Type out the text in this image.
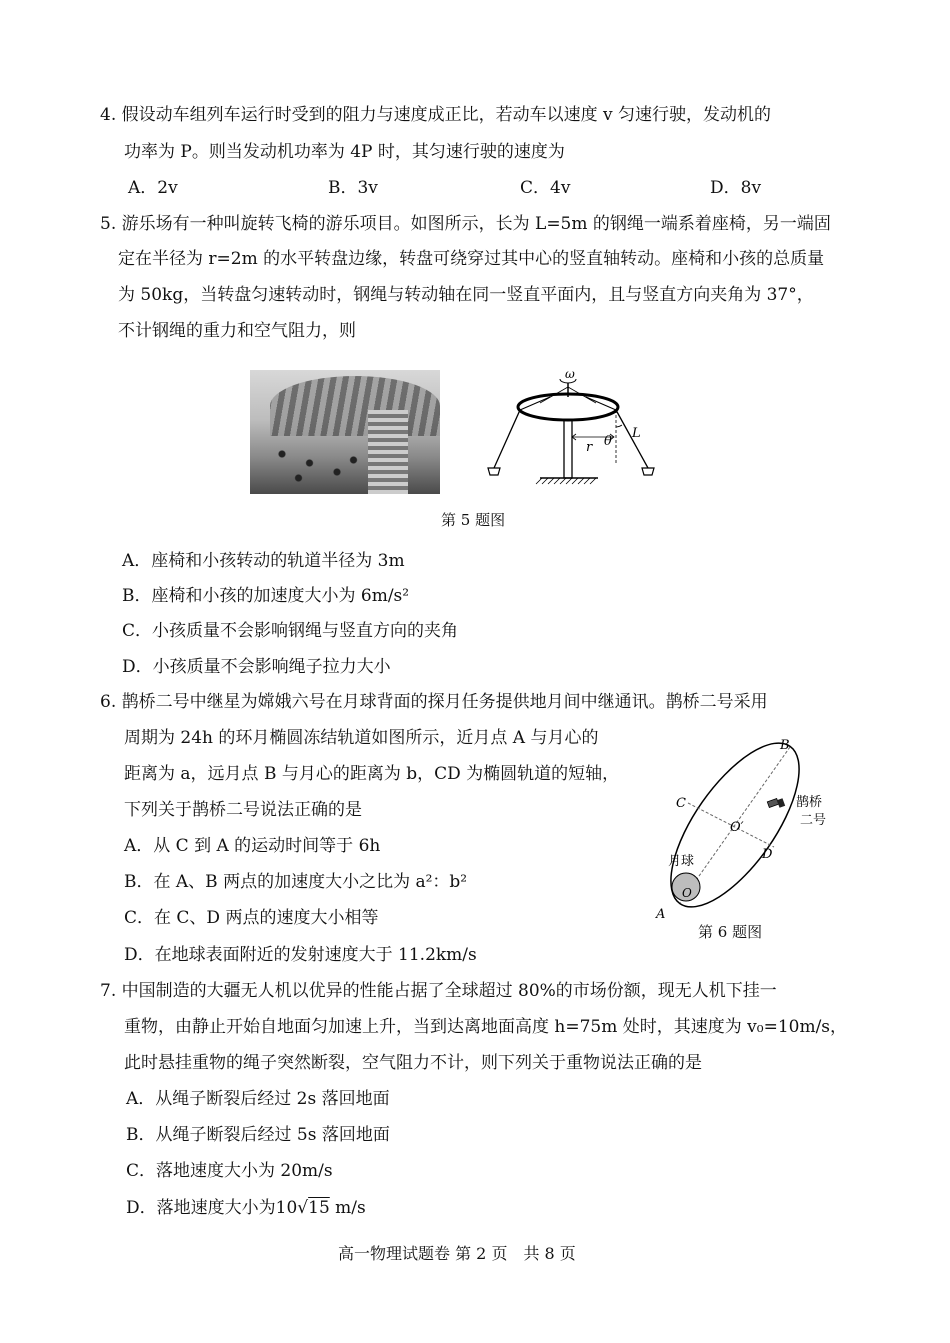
4. 假设动车组列车运行时受到的阻力与速度成正比，若动车以速度 v 匀速行驶，发动机的
功率为 P。则当发动机功率为 4P 时，其匀速行驶的速度为
A．2v	B．3v	C．4v	D．8v
5. 游乐场有一种叫旋转飞椅的游乐项目。如图所示，长为 L=5m 的钢绳一端系着座椅，另一端固
定在半径为 r=2m 的水平转盘边缘，转盘可绕穿过其中心的竖直轴转动。座椅和小孩的总质量
为 50kg，当转盘匀速转动时，钢绳与转动轴在同一竖直平面内，且与竖直方向夹角为 37°，
不计钢绳的重力和空气阻力，则
ω
r θ
L
第 5 题图
A．座椅和小孩转动的轨道半径为 3m
B．座椅和小孩的加速度大小为 6m/s²
C．小孩质量不会影响钢绳与竖直方向的夹角
D．小孩质量不会影响绳子拉力大小
6. 鹊桥二号中继星为嫦娥六号在月球背面的探月任务提供地月间中继通讯。鹊桥二号采用
周期为 24h 的环月椭圆冻结轨道如图所示，近月点 A 与月心的
距离为 a，远月点 B 与月心的距离为 b，CD 为椭圆轨道的短轴，
下列关于鹊桥二号说法正确的是
A．从 C 到 A 的运动时间等于 6h
B．在 A、B 两点的加速度大小之比为 a²：b²
C．在 C、D 两点的速度大小相等
D．在地球表面附近的发射速度大于 11.2km/s
B
C
D
A
O′
O
月球
鹊桥
二号
第 6 题图
7. 中国制造的大疆无人机以优异的性能占据了全球超过 80%的市场份额，现无人机下挂一
重物，由静止开始自地面匀加速上升，当到达离地面高度 h=75m 处时，其速度为 v₀=10m/s，
此时悬挂重物的绳子突然断裂，空气阻力不计，则下列关于重物说法正确的是
A．从绳子断裂后经过 2s 落回地面
B．从绳子断裂后经过 5s 落回地面
C．落地速度大小为 20m/s
D．落地速度大小为10√15 m/s
高一物理试题卷 第 2 页　共 8 页
